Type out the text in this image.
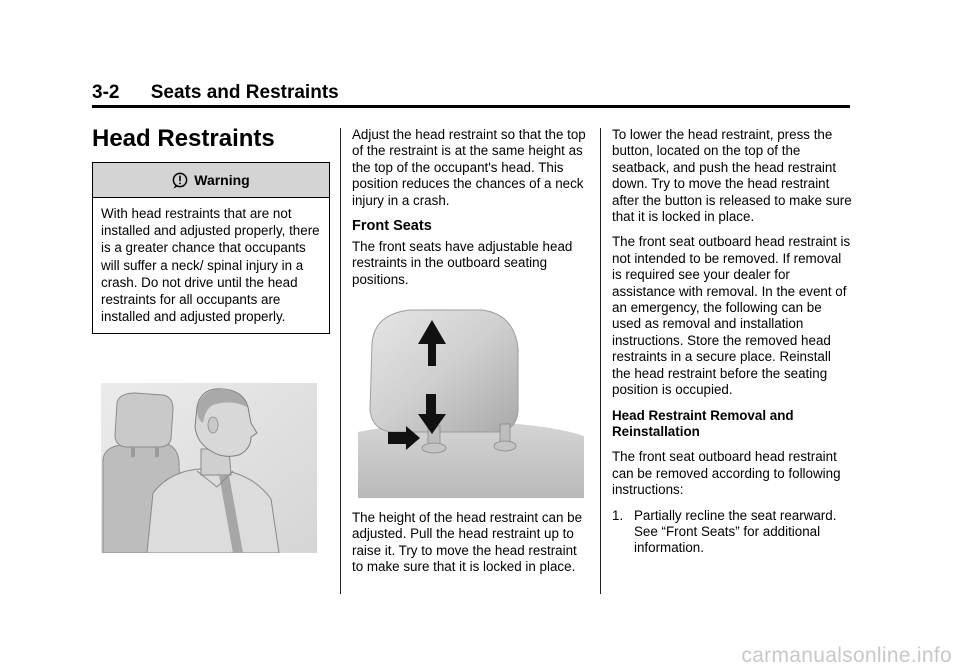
3-2 Seats and Restraints
Head Restraints
Warning
With head restraints that are not installed and adjusted properly, there is a greater chance that occupants will suffer a neck/ spinal injury in a crash. Do not drive until the head restraints for all occupants are installed and adjusted properly.

Adjust the head restraint so that the top of the restraint is at the same height as the top of the occupant's head. This position reduces the chances of a neck injury in a crash.

Front Seats

The front seats have adjustable head restraints in the outboard seating positions.

The height of the head restraint can be adjusted. Pull the head restraint up to raise it. Try to move the head restraint to make sure that it is locked in place.

To lower the head restraint, press the button, located on the top of the seatback, and push the head restraint down. Try to move the head restraint after the button is released to make sure that it is locked in place.

The front seat outboard head restraint is not intended to be removed. If removal is required see your dealer for assistance with removal. In the event of an emergency, the following can be used as removal and installation instructions. Store the removed head restraints in a secure place. Reinstall the head restraint before the seating position is occupied.

Head Restraint Removal and Reinstallation

The front seat outboard head restraint can be removed according to following instructions:

1. Partially recline the seat rearward. See “Front Seats” for additional information.
carmanualsonline.info
